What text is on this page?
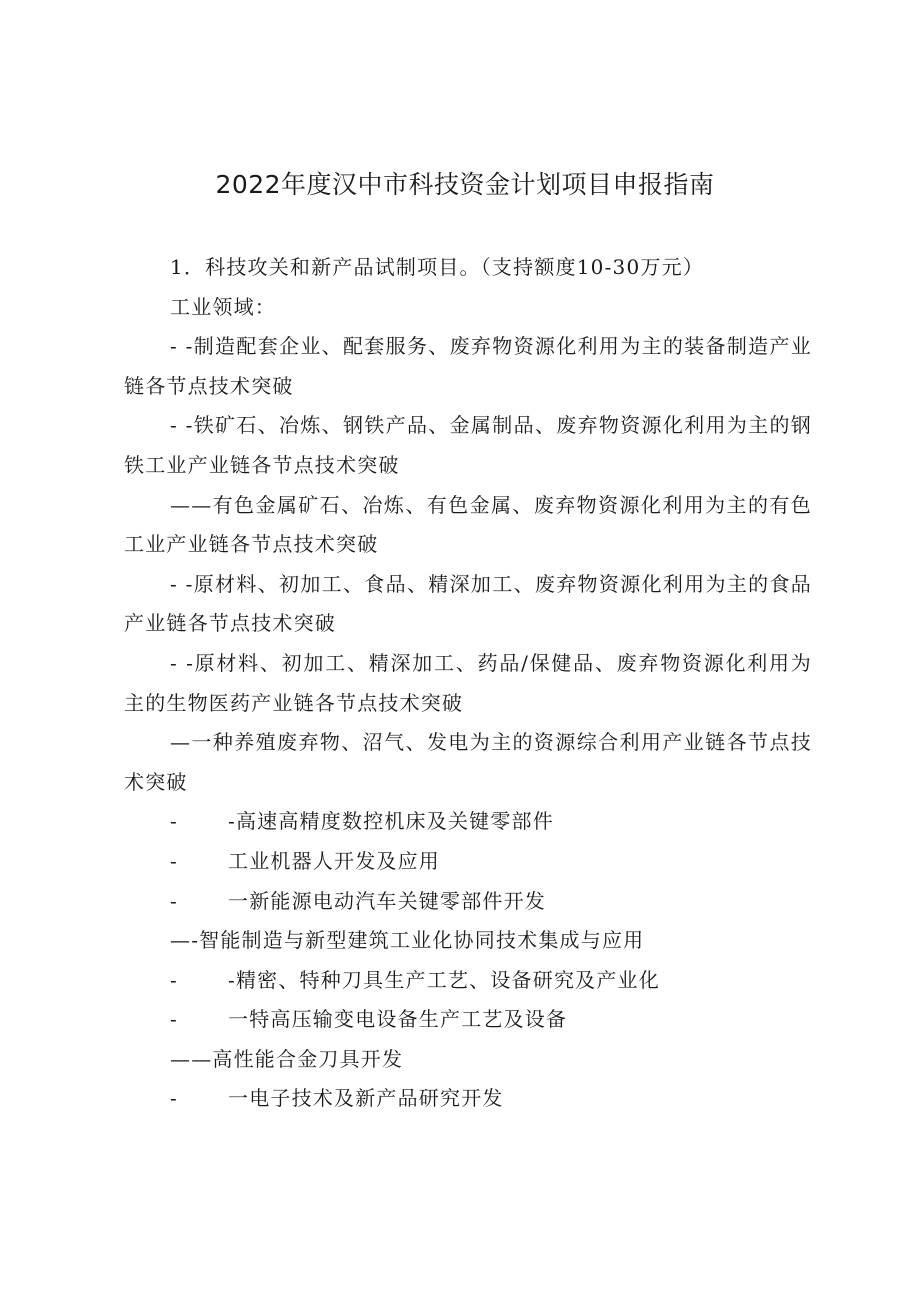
2022年度汉中市科技资金计划项目申报指南

1．科技攻关和新产品试制项目。（支持额度10-30万元）

工业领域：

- -制造配套企业、配套服务、废弃物资源化利用为主的装备制造产业链各节点技术突破

- -铁矿石、冶炼、钢铁产品、金属制品、废弃物资源化利用为主的钢铁工业产业链各节点技术突破

——有色金属矿石、冶炼、有色金属、废弃物资源化利用为主的有色工业产业链各节点技术突破

- -原材料、初加工、食品、精深加工、废弃物资源化利用为主的食品产业链各节点技术突破

- -原材料、初加工、精深加工、药品/保健品、废弃物资源化利用为主的生物医药产业链各节点技术突破

—一种养殖废弃物、沼气、发电为主的资源综合利用产业链各节点技术突破

-	-高速高精度数控机床及关键零部件
-	工业机器人开发及应用
-	一新能源电动汽车关键零部件开发

—-智能制造与新型建筑工业化协同技术集成与应用

-	-精密、特种刀具生产工艺、设备研究及产业化
-	一特高压输变电设备生产工艺及设备

——高性能合金刀具开发

-	一电子技术及新产品研究开发
